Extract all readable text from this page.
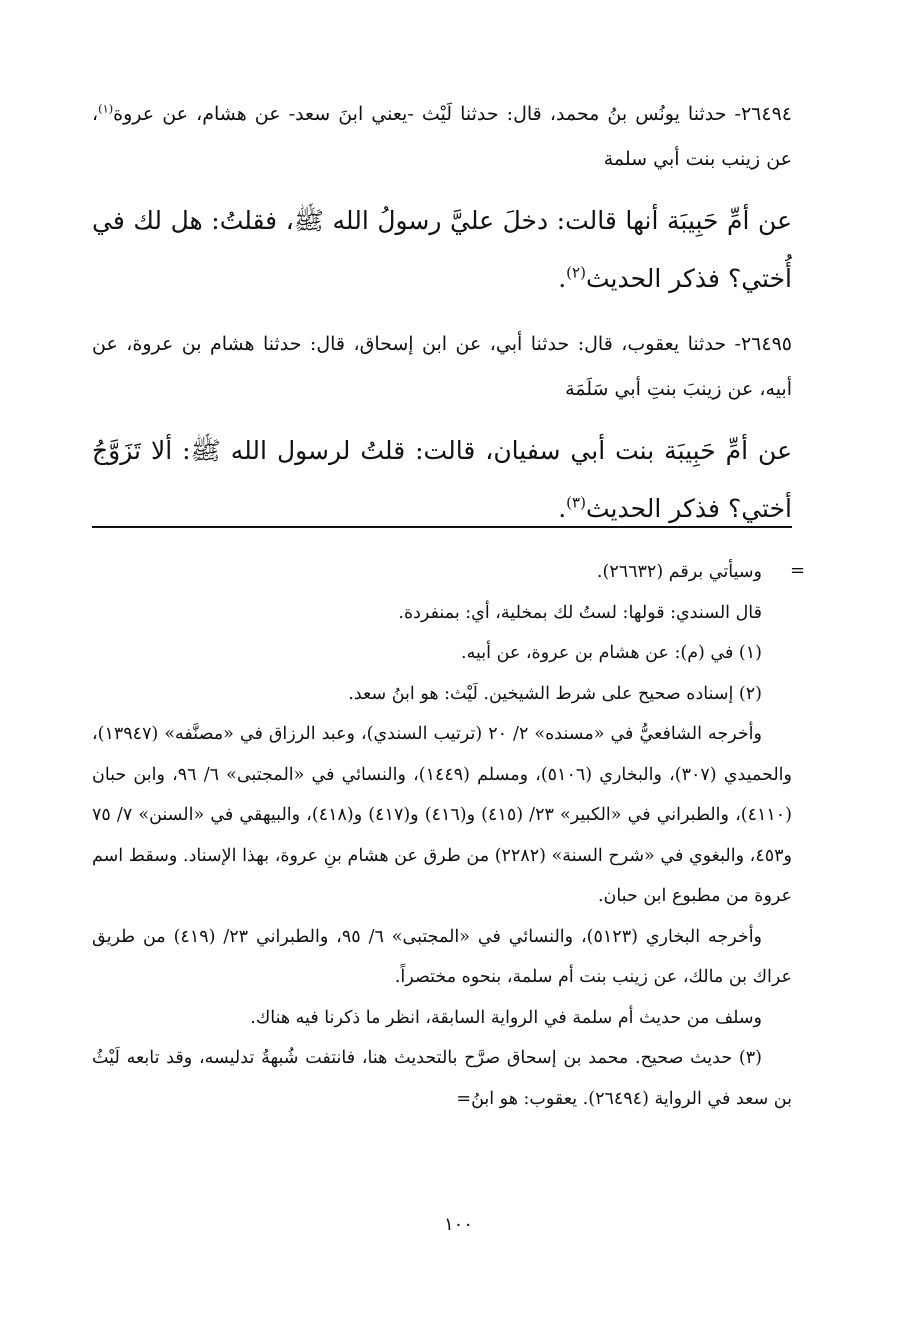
٢٦٤٩٤- حدثنا يونُس بنُ محمد، قال: حدثنا لَيْث -يعني ابنَ سعد- عن هشام، عن عروة$^{(١)}$، عن زينب بنت أبي سلمة

عن أمِّ حَبِيبَة أنها قالت: دخلَ عليَّ رسولُ الله ﷺ، فقلتُ: هل لك في أُختي؟ فذكر الحديث$^{(٢)}$.

٢٦٤٩٥- حدثنا يعقوب، قال: حدثنا أبي، عن ابن إسحاق، قال: حدثنا هشام بن عروة، عن أبيه، عن زينبَ بنتِ أبي سَلَمَة

عن أمِّ حَبِيبَة بنت أبي سفيان، قالت: قلتُ لرسول الله ﷺ: ألا تَزَوَّجُ أختي؟ فذكر الحديث$^{(٣)}$.

=

وسيأتي برقم (٢٦٦٣٢).

قال السندي: قولها: لستُ لك بمخلية، أي: بمنفردة.

(١) في (م): عن هشام بن عروة، عن أبيه.

(٢) إسناده صحيح على شرط الشيخين. لَيْث: هو ابنُ سعد.

وأخرجه الشافعيُّ في «مسنده» ٢/ ٢٠ (ترتيب السندي)، وعبد الرزاق في «مصنَّفه» (١٣٩٤٧)، والحميدي (٣٠٧)، والبخاري (٥١٠٦)، ومسلم (١٤٤٩)، والنسائي في «المجتبى» ٦/ ٩٦، وابن حبان (٤١١٠)، والطبراني في «الكبير» ٢٣/ (٤١٥) و(٤١٦) و(٤١٧) و(٤١٨)، والبيهقي في «السنن» ٧/ ٧٥ و٤٥٣، والبغوي في «شرح السنة» (٢٢٨٢) من طرق عن هشام بنِ عروة، بهذا الإسناد. وسقط اسم عروة من مطبوع ابن حبان.

وأخرجه البخاري (٥١٢٣)، والنسائي في «المجتبى» ٦/ ٩٥، والطبراني ٢٣/ (٤١٩) من طريق عراك بن مالك، عن زينب بنت أم سلمة، بنحوه مختصراً.

وسلف من حديث أم سلمة في الرواية السابقة، انظر ما ذكرنا فيه هناك.

(٣) حديث صحيح. محمد بن إسحاق صرَّح بالتحديث هنا، فانتفت شُبهةُ تدليسه، وقد تابعه لَيْثُ بن سعد في الرواية (٢٦٤٩٤). يعقوب: هو ابنُ=

١٠٠
